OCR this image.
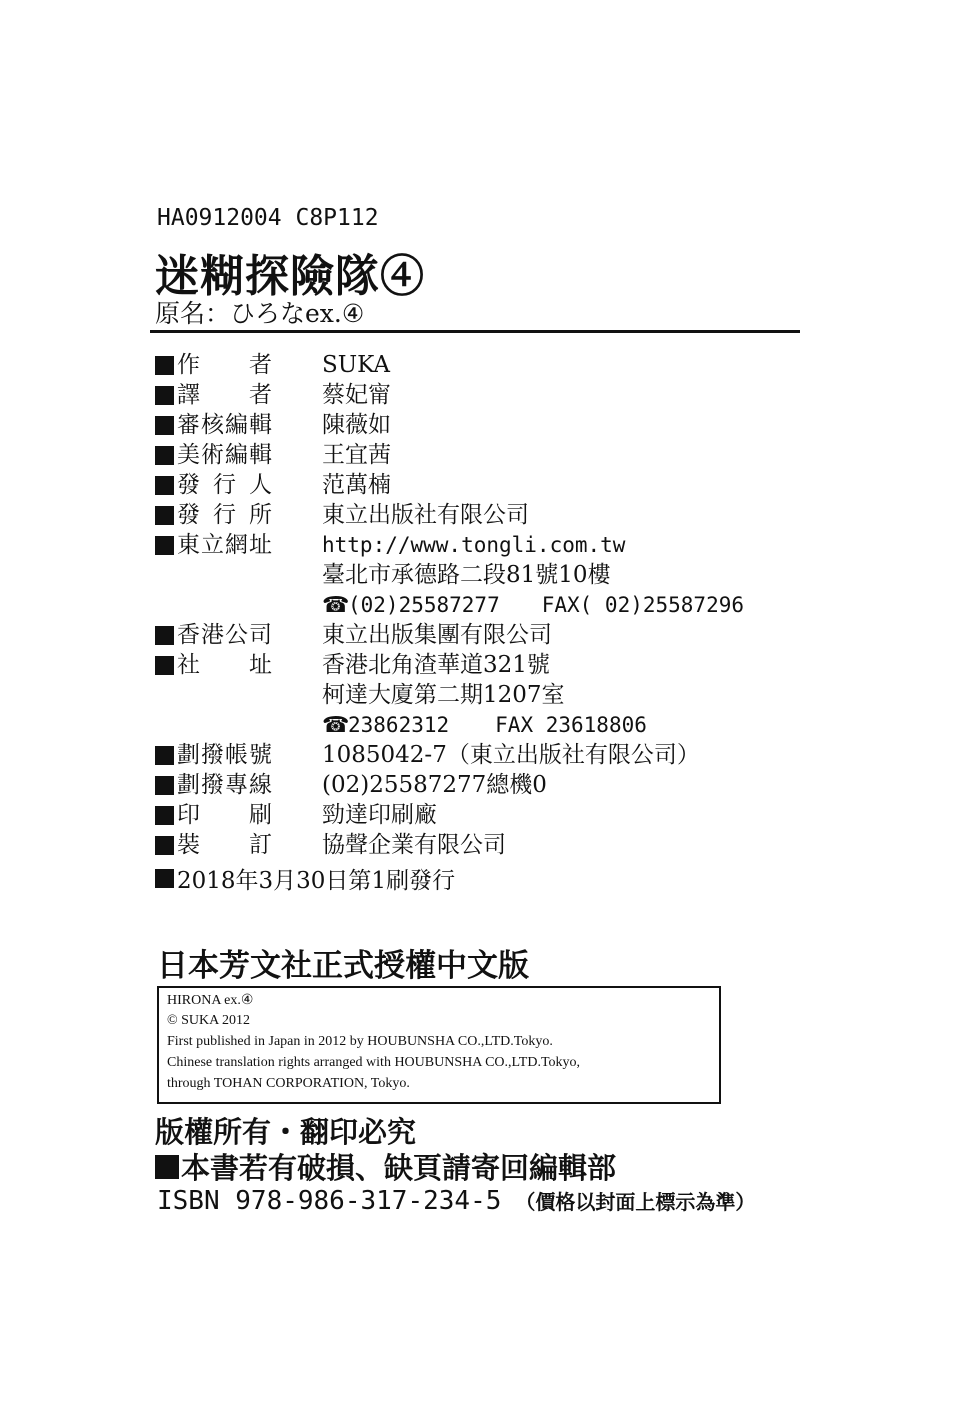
HA0912004 C8P112
迷糊探險隊④
原名：ひろなex.④
作　者 SUKA
譯　者 蔡妃甯
審核編輯 陳薇如
美術編輯 王宜茜
發行人 范萬楠
發行所 東立出版社有限公司
東立網址 http://www.tongli.com.tw
臺北市承德路二段81號10樓
☎(02)25587277 FAX( 02)25587296
香港公司 東立出版集團有限公司
社　址 香港北角渣華道321號
柯達大廈第二期1207室
☎23862312 FAX 23618806
劃撥帳號 1085042-7（東立出版社有限公司）
劃撥專線 (02)25587277總機0
印　刷 勁達印刷廠
裝　訂 協聲企業有限公司
2018年3月30日第1刷發行
日本芳文社正式授權中文版
HIRONA ex.④
© SUKA 2012
First published in Japan in 2012 by HOUBUNSHA CO.,LTD.Tokyo.
Chinese translation rights arranged with HOUBUNSHA CO.,LTD.Tokyo,
through TOHAN CORPORATION, Tokyo.
版權所有・翻印必究
本書若有破損、缺頁請寄回編輯部
ISBN 978-986-317-234-5 （價格以封面上標示為準）
